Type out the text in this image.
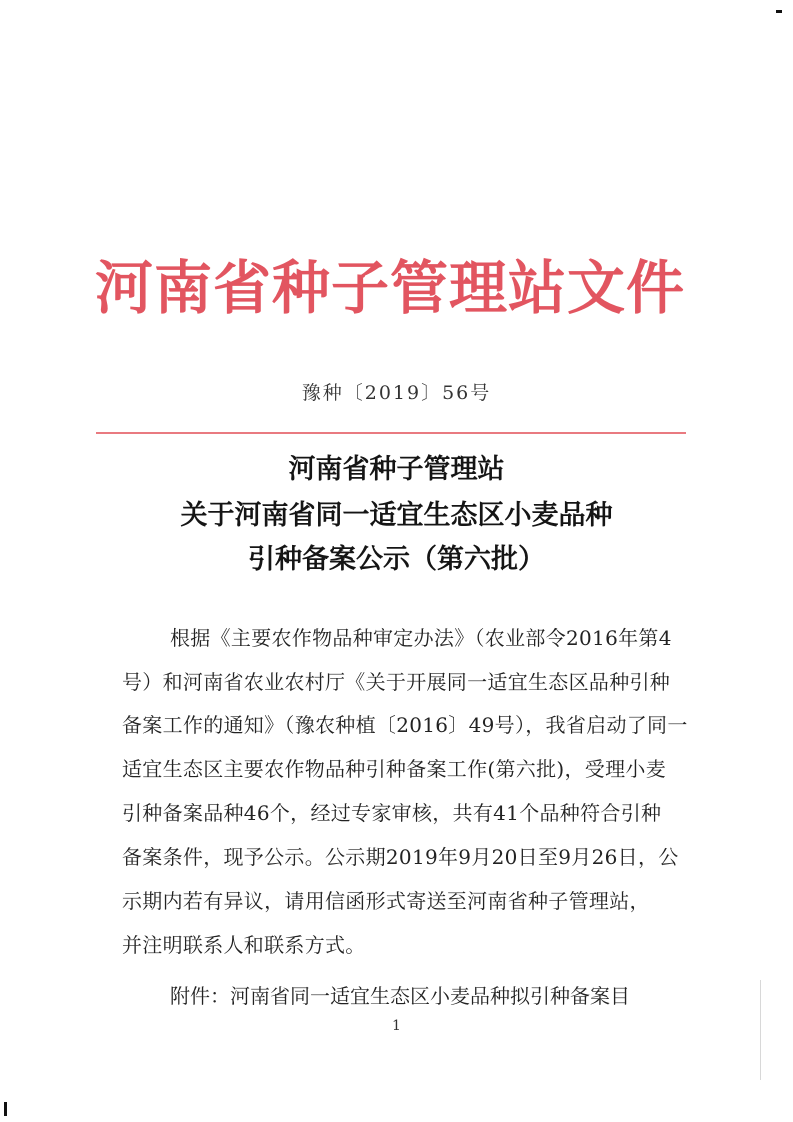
河南省种子管理站文件
豫种〔2019〕56号
河南省种子管理站
关于河南省同一适宜生态区小麦品种
引种备案公示（第六批）
根据《主要农作物品种审定办法》（农业部令2016年第4
号）和河南省农业农村厅《关于开展同一适宜生态区品种引种
备案工作的通知》（豫农种植〔2016〕49号），我省启动了同一
适宜生态区主要农作物品种引种备案工作(第六批)，受理小麦
引种备案品种46个，经过专家审核，共有41个品种符合引种
备案条件，现予公示。公示期2019年9月20日至9月26日，公
示期内若有异议，请用信函形式寄送至河南省种子管理站，
并注明联系人和联系方式。
附件：河南省同一适宜生态区小麦品种拟引种备案目
1
